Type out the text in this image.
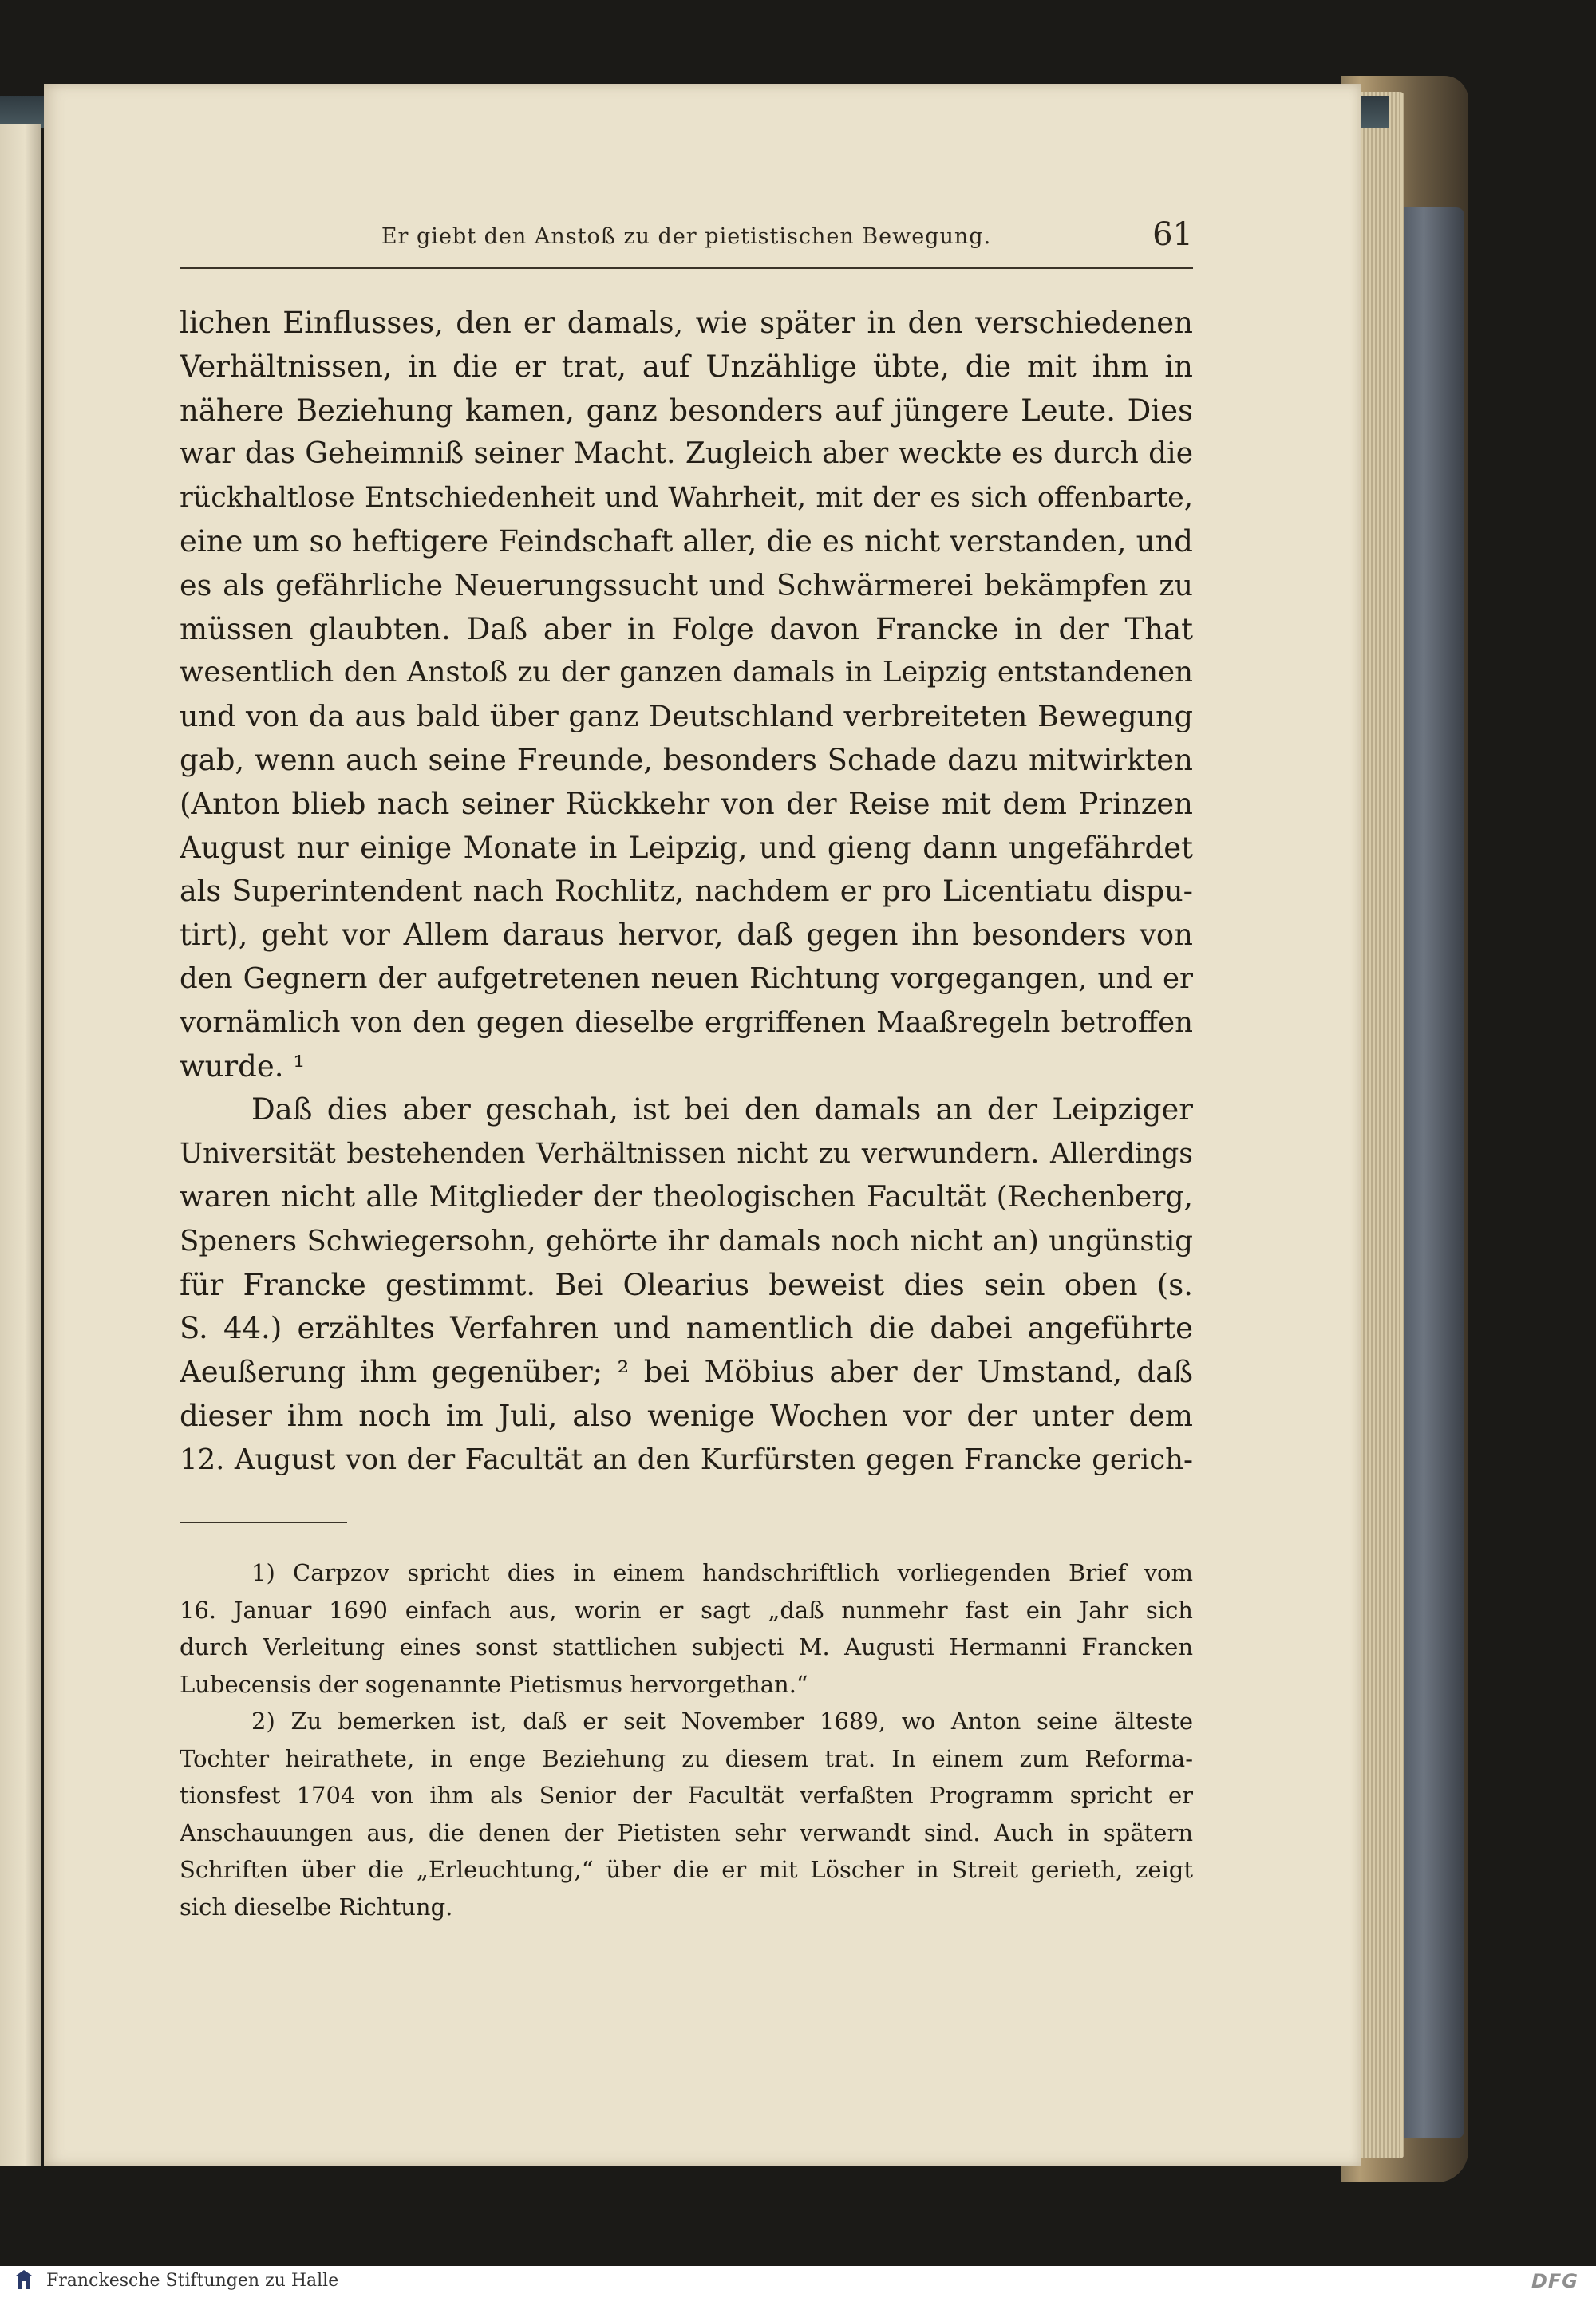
Er giebt den Anstoß zu der pietistischen Bewegung.	61
lichen Einflusses, den er damals, wie später in den verschiedenen
Verhältnissen, in die er trat, auf Unzählige übte, die mit ihm in
nähere Beziehung kamen, ganz besonders auf jüngere Leute. Dies
war das Geheimniß seiner Macht. Zugleich aber weckte es durch die
rückhaltlose Entschiedenheit und Wahrheit, mit der es sich offenbarte,
eine um so heftigere Feindschaft aller, die es nicht verstanden, und
es als gefährliche Neuerungssucht und Schwärmerei bekämpfen zu
müssen glaubten. Daß aber in Folge davon Francke in der That
wesentlich den Anstoß zu der ganzen damals in Leipzig entstandenen
und von da aus bald über ganz Deutschland verbreiteten Bewegung
gab, wenn auch seine Freunde, besonders Schade dazu mitwirkten
(Anton blieb nach seiner Rückkehr von der Reise mit dem Prinzen
August nur einige Monate in Leipzig, und gieng dann ungefährdet
als Superintendent nach Rochlitz, nachdem er pro Licentiatu dispu-
tirt), geht vor Allem daraus hervor, daß gegen ihn besonders von
den Gegnern der aufgetretenen neuen Richtung vorgegangen, und er
vornämlich von den gegen dieselbe ergriffenen Maaßregeln betroffen
wurde. ¹
Daß dies aber geschah, ist bei den damals an der Leipziger
Universität bestehenden Verhältnissen nicht zu verwundern. Allerdings
waren nicht alle Mitglieder der theologischen Facultät (Rechenberg,
Speners Schwiegersohn, gehörte ihr damals noch nicht an) ungünstig
für Francke gestimmt. Bei Olearius beweist dies sein oben (s.
S. 44.) erzähltes Verfahren und namentlich die dabei angeführte
Aeußerung ihm gegenüber; ² bei Möbius aber der Umstand, daß
dieser ihm noch im Juli, also wenige Wochen vor der unter dem
12. August von der Facultät an den Kurfürsten gegen Francke gerich-
1) Carpzov spricht dies in einem handschriftlich vorliegenden Brief vom
16. Januar 1690 einfach aus, worin er sagt „daß nunmehr fast ein Jahr sich
durch Verleitung eines sonst stattlichen subjecti M. Augusti Hermanni Francken
Lubecensis der sogenannte Pietismus hervorgethan.“
2) Zu bemerken ist, daß er seit November 1689, wo Anton seine älteste
Tochter heirathete, in enge Beziehung zu diesem trat. In einem zum Reforma-
tionsfest 1704 von ihm als Senior der Facultät verfaßten Programm spricht er
Anschauungen aus, die denen der Pietisten sehr verwandt sind. Auch in spätern
Schriften über die „Erleuchtung,“ über die er mit Löscher in Streit gerieth, zeigt
sich dieselbe Richtung.
Franckesche Stiftungen zu Halle	DFG
